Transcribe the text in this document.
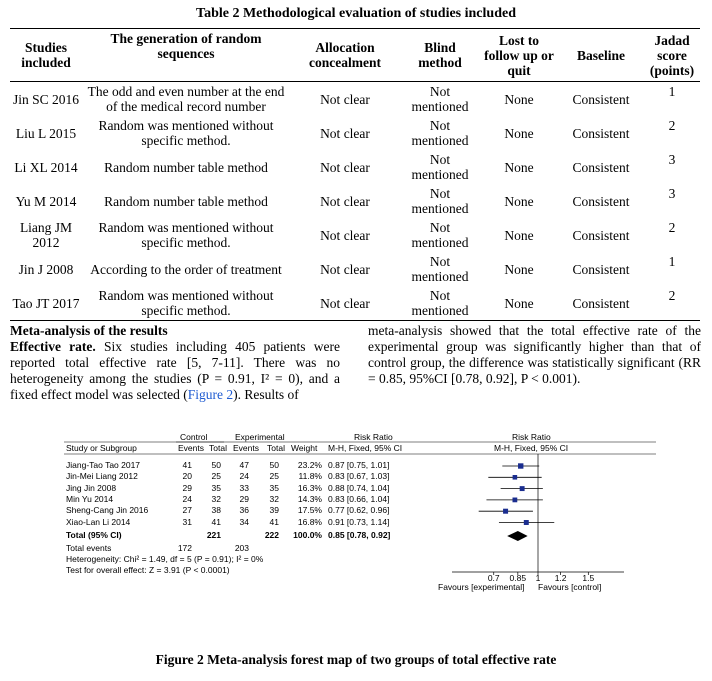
Table 2 Methodological evaluation of studies included
Studies included	The generation of random sequences	Allocation concealment	Blind method	Lost to follow up or quit	Baseline	Jadad score (points)
Jin SC 2016	The odd and even number at the end of the medical record number	Not clear	Not mentioned	None	Consistent	1
Liu L 2015	Random was mentioned without specific method.	Not clear	Not mentioned	None	Consistent	2
Li XL 2014	Random number table method	Not clear	Not mentioned	None	Consistent	3
Yu M 2014	Random number table method	Not clear	Not mentioned	None	Consistent	3
Liang JM 2012	Random was mentioned without specific method.	Not clear	Not mentioned	None	Consistent	2
Jin J 2008	According to the order of treatment	Not clear	Not mentioned	None	Consistent	1
Tao JT 2017	Random was mentioned without specific method.	Not clear	Not mentioned	None	Consistent	2
Meta-analysis of the results
Effective rate. Six studies including 405 patients were reported total effective rate [5, 7-11]. There was no heterogeneity among the studies (P = 0.91, I² = 0), and a fixed effect model was selected (Figure 2). Results of
meta-analysis showed that the total effective rate of the experimental group was significantly higher than that of control group, the difference was statistically significant (RR = 0.85, 95%CI [0.78, 0.92], P < 0.001).
Control	Experimental	Risk Ratio	Risk Ratio
Study or Subgroup	Events Total Events Total Weight M-H, Fixed, 95% CI	M-H, Fixed, 95% CI
Jiang-Tao Tao 2017	41	50	47	50	23.2% 0.87 [0.75, 1.01]
Jin-Mei Liang 2012	20	25	24	25	11.8% 0.83 [0.67, 1.03]
Jing Jin 2008	29	35	33	35	16.3% 0.88 [0.74, 1.04]
Min Yu 2014	24	32	29	32	14.3% 0.83 [0.66, 1.04]
Sheng-Cang Jin 2016	27	38	36	39	17.5% 0.77 [0.62, 0.96]
Xiao-Lan Li 2014	31	41	34	41	16.8% 0.91 [0.73, 1.14]
Total (95% CI)	221	222	100.0% 0.85 [0.78, 0.92]
Total events	172	203
Heterogeneity: Chi² = 1.49, df = 5 (P = 0.91); I² = 0%
Test for overall effect: Z = 3.91 (P < 0.0001)
0.7	0.85	1	1.2	1.5
Favours [experimental] Favours [control]
Figure 2 Meta-analysis forest map of two groups of total effective rate
